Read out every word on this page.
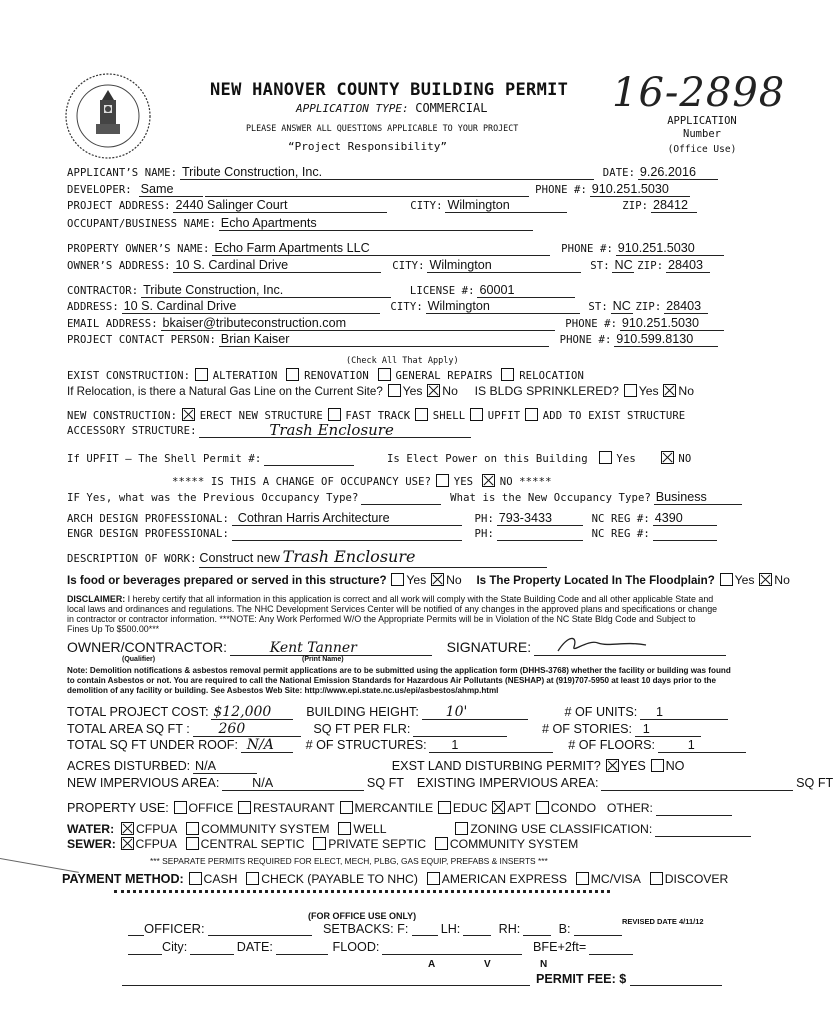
NEW HANOVER COUNTY BUILDING PERMIT
APPLICATION TYPE: COMMERCIAL
PLEASE ANSWER ALL QUESTIONS APPLICABLE TO YOUR PROJECT
“Project Responsibility”
16-2898
APPLICATION
Number
(Office Use)
APPLICANT’S NAME: Tribute Construction, Inc.	DATE: 9.26.2016
DEVELOPER: Same	PHONE #: 910.251.5030
PROJECT ADDRESS: 2440 Salinger Court	CITY: Wilmington	ZIP: 28412
OCCUPANT/BUSINESS NAME: Echo Apartments
PROPERTY OWNER’S NAME: Echo Farm Apartments LLC	PHONE #: 910.251.5030
OWNER’S ADDRESS: 10 S. Cardinal Drive	CITY: Wilmington	ST: NC ZIP: 28403
CONTRACTOR: Tribute Construction, Inc.	LICENSE #: 60001
ADDRESS: 10 S. Cardinal Drive	CITY: Wilmington	ST: NC ZIP: 28403
EMAIL ADDRESS: bkaiser@tributeconstruction.com	PHONE #: 910.251.5030
PROJECT CONTACT PERSON: Brian Kaiser	PHONE #: 910.599.8130
(Check All That Apply)
EXIST CONSTRUCTION: ALTERATION	RENOVATION	GENERAL REPAIRS	RELOCATION
If Relocation, is there a Natural Gas Line on the Current Site? Yes No IS BLDG SPRINKLERED? Yes No
NEW CONSTRUCTION: ERECT NEW STRUCTURE FAST TRACK SHELL UPFIT ADD TO EXIST STRUCTURE
ACCESSORY STRUCTURE:	Trash Enclosure
If UPFIT – The Shell Permit #:	Is Elect Power on this Building	Yes	NO
***** IS THIS A CHANGE OF OCCUPANCY USE? YES	NO *****
IF Yes, what was the Previous Occupancy Type?	What is the New Occupancy Type? Business
ARCH DESIGN PROFESSIONAL: Cothran Harris Architecture	PH: 793-3433	NC REG #: 4390
ENGR DESIGN PROFESSIONAL:	PH:	NC REG #:
DESCRIPTION OF WORK: Construct new Trash Enclosure
Is food or beverages prepared or served in this structure? Yes No Is The Property Located In The Floodplain? Yes No
DISCLAIMER: I hereby certify that all information in this application is correct and all work will comply with the State Building Code and all other applicable State and local laws and ordinances and regulations. The NHC Development Services Center will be notified of any changes in the approved plans and specifications or change in contractor or contractor information. ***NOTE: Any Work Performed W/O the Appropriate Permits will be in Violation of the NC State Bldg Code and Subject to Fines Up To $500.00***
OWNER/CONTRACTOR:	Kent Tanner	SIGNATURE:
(Qualifier)	(Print Name)
Note: Demolition notifications & asbestos removal permit applications are to be submitted using the application form (DHHS-3768) whether the facility or building was found to contain Asbestos or not. You are required to call the National Emission Standards for Hazardous Air Pollutants (NESHAP) at (919)707-5950 at least 10 days prior to the demolition of any facility or building. See Asbestos Web Site: http://www.epi.state.nc.us/epi/asbestos/ahmp.html
TOTAL PROJECT COST: $12,000	BUILDING HEIGHT: 10'	# OF UNITS: 1
TOTAL AREA SQ FT : 260	SQ FT PER FLR:	# OF STORIES: 1
TOTAL SQ FT UNDER ROOF: N/A	# OF STRUCTURES: 1	# OF FLOORS:	1
ACRES DISTURBED: N/A	EXST LAND DISTURBING PERMIT? YES NO
NEW IMPERVIOUS AREA:	N/A	SQ FT EXISTING IMPERVIOUS AREA:	SQ FT
PROPERTY USE: OFFICE RESTAURANT MERCANTILE EDUC APT CONDO OTHER:
WATER: CFPUA COMMUNITY SYSTEM WELL	ZONING USE CLASSIFICATION:
SEWER: CFPUA CENTRAL SEPTIC PRIVATE SEPTIC COMMUNITY SYSTEM
*** SEPARATE PERMITS REQUIRED FOR ELECT, MECH, PLBG, GAS EQUIP, PREFABS & INSERTS ***
PAYMENT METHOD: CASH CHECK (PAYABLE TO NHC) AMERICAN EXPRESS MC/VISA DISCOVER
(FOR OFFICE USE ONLY)
REVISED DATE 4/11/12
OFFICER:	SETBACKS: F:	LH:	RH:	B:
City:	DATE:	FLOOD:	BFE+2ft=
A	V	N
PERMIT FEE: $
